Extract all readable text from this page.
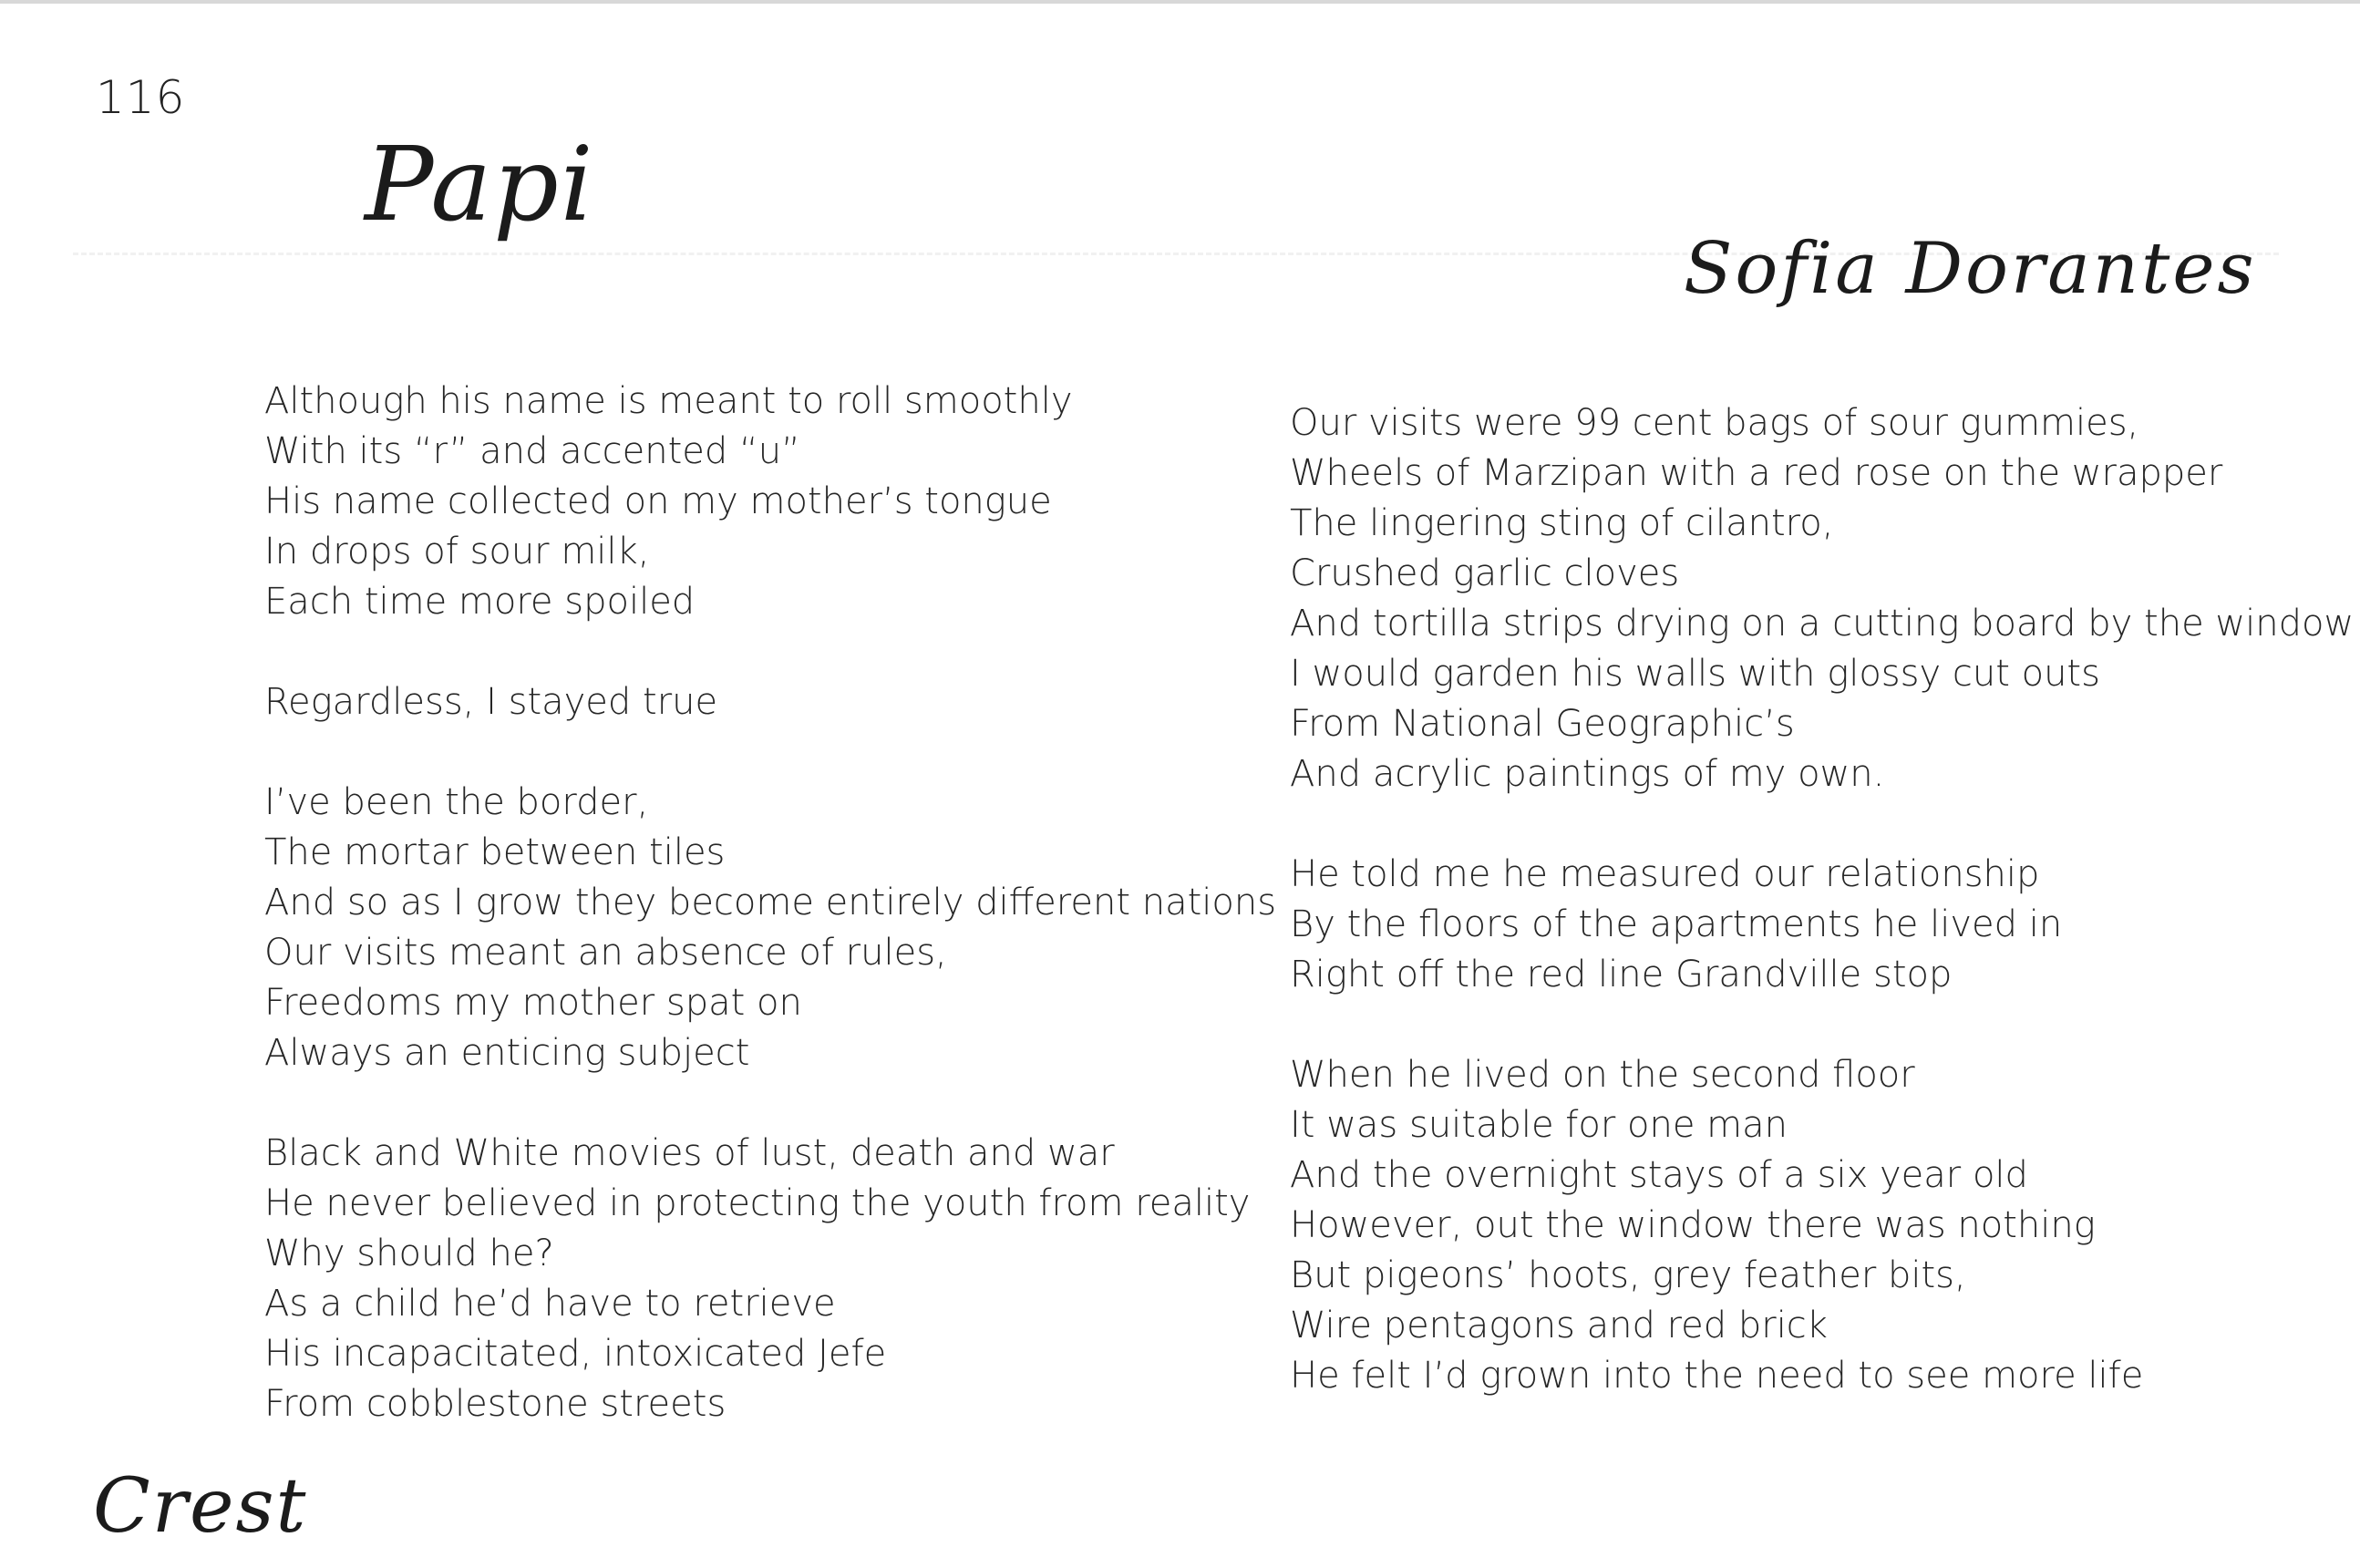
116
Papi
Sofia Dorantes
Although his name is meant to roll smoothly
With its “r” and accented “u”
His name collected on my mother’s tongue
In drops of sour milk,
Each time more spoiled
Regardless, I stayed true
I’ve been the border,
The mortar between tiles
And so as I grow they become entirely different nations
Our visits meant an absence of rules,
Freedoms my mother spat on
Always an enticing subject
Black and White movies of lust, death and war
He never believed in protecting the youth from reality
Why should he?
As a child he’d have to retrieve
His incapacitated, intoxicated Jefe
From cobblestone streets
Our visits were 99 cent bags of sour gummies,
Wheels of Marzipan with a red rose on the wrapper
The lingering sting of cilantro,
Crushed garlic cloves
And tortilla strips drying on a cutting board by the window
I would garden his walls with glossy cut outs
From National Geographic’s
And acrylic paintings of my own.
He told me he measured our relationship
By the floors of the apartments he lived in
Right off the red line Grandville stop
When he lived on the second floor
It was suitable for one man
And the overnight stays of a six year old
However, out the window there was nothing
But pigeons’ hoots, grey feather bits,
Wire pentagons and red brick
He felt I’d grown into the need to see more life
Crest
